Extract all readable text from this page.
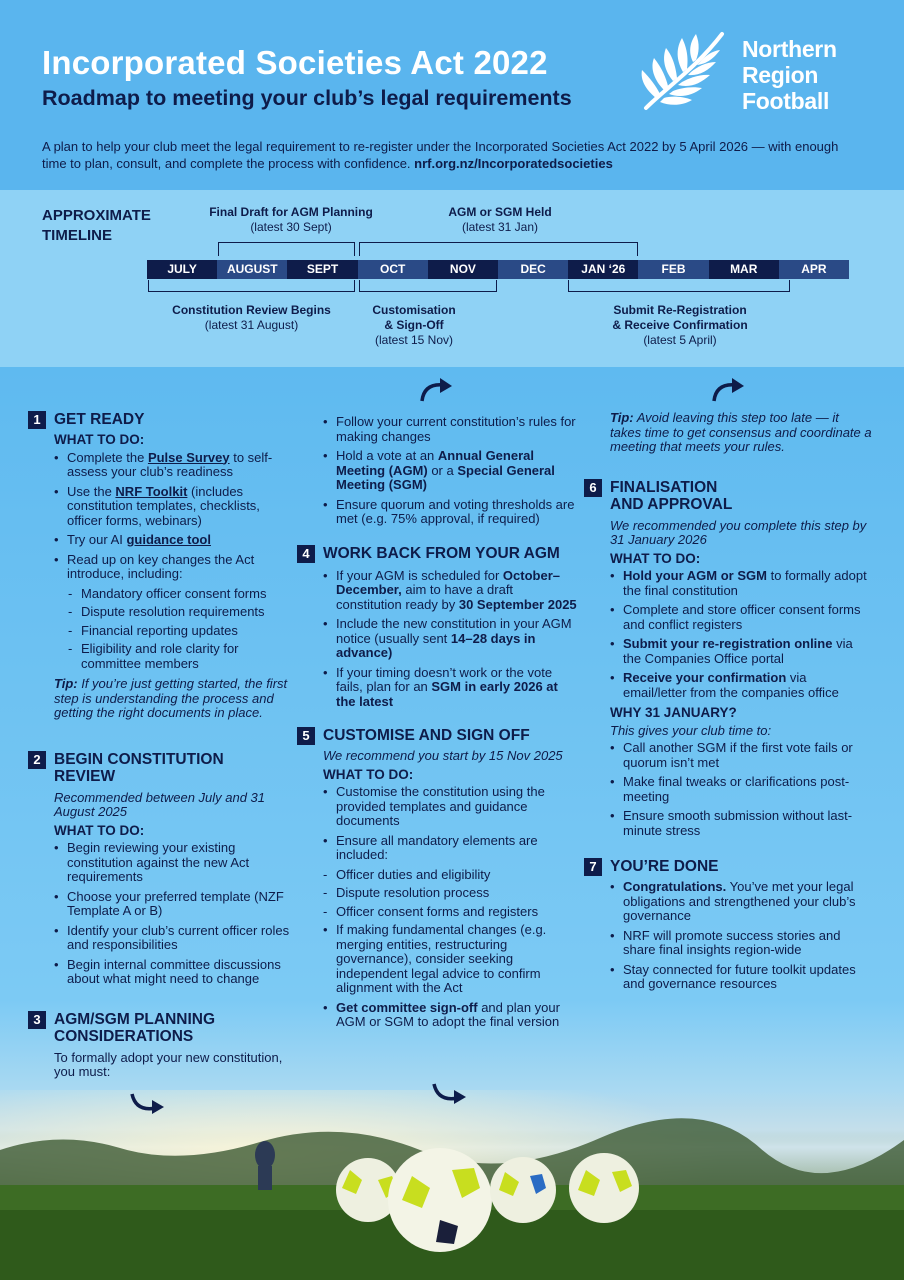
Incorporated Societies Act 2022
Roadmap to meeting your club’s legal requirements
Northern
Region
Football
A plan to help your club meet the legal requirement to re-register under the Incorporated Societies Act 2022 by 5 April 2026 — with enough time to plan, consult, and complete the process with confidence. nrf.org.nz/Incorporatedsocieties
APPROXIMATE
TIMELINE
Final Draft for AGM Planning
(latest 30 Sept)
AGM or SGM Held
(latest 31 Jan)
JULY	AUGUST	SEPT	OCT	NOV	DEC	JAN ‘26	FEB	MAR	APR
Constitution Review Begins
(latest 31 August)
Customisation
& Sign-Off
(latest 15 Nov)
Submit Re-Registration
& Receive Confirmation
(latest 5 April)
1 GET READY
WHAT TO DO:
• Complete the Pulse Survey to self-assess your club’s readiness
• Use the NRF Toolkit (includes constitution templates, checklists, officer forms, webinars)
• Try our AI guidance tool
• Read up on key changes the Act introduce, including:
- Mandatory officer consent forms
- Dispute resolution requirements
- Financial reporting updates
- Eligibility and role clarity for committee members
Tip: If you’re just getting started, the first step is understanding the process and getting the right documents in place.
2 BEGIN CONSTITUTION
REVIEW
Recommended between July and 31 August 2025
WHAT TO DO:
• Begin reviewing your existing constitution against the new Act requirements
• Choose your preferred template (NZF Template A or B)
• Identify your club’s current officer roles and responsibilities
• Begin internal committee discussions about what might need to change
3 AGM/SGM PLANNING
CONSIDERATIONS
To formally adopt your new constitution, you must:
• Follow your current constitution’s rules for making changes
• Hold a vote at an Annual General Meeting (AGM) or a Special General Meeting (SGM)
• Ensure quorum and voting thresholds are met (e.g. 75% approval, if required)
4 WORK BACK FROM YOUR AGM
• If your AGM is scheduled for October–December, aim to have a draft constitution ready by 30 September 2025
• Include the new constitution in your AGM notice (usually sent 14–28 days in advance)
• If your timing doesn’t work or the vote fails, plan for an SGM in early 2026 at the latest
5 CUSTOMISE AND SIGN OFF
We recommend you start by 15 Nov 2025
WHAT TO DO:
• Customise the constitution using the provided templates and guidance documents
• Ensure all mandatory elements are included:
- Officer duties and eligibility
- Dispute resolution process
- Officer consent forms and registers
• If making fundamental changes (e.g. merging entities, restructuring governance), consider seeking independent legal advice to confirm alignment with the Act
• Get committee sign-off and plan your AGM or SGM to adopt the final version
Tip: Avoid leaving this step too late — it takes time to get consensus and coordinate a meeting that meets your rules.
6 FINALISATION
AND APPROVAL
We recommended you complete this step by 31 January 2026
WHAT TO DO:
• Hold your AGM or SGM to formally adopt the final constitution
• Complete and store officer consent forms and conflict registers
• Submit your re-registration online via the Companies Office portal
• Receive your confirmation via email/letter from the companies office
WHY 31 JANUARY?
This gives your club time to:
• Call another SGM if the first vote fails or quorum isn’t met
• Make final tweaks or clarifications post-meeting
• Ensure smooth submission without last-minute stress
7 YOU’RE DONE
• Congratulations. You’ve met your legal obligations and strengthened your club’s governance
• NRF will promote success stories and share final insights region-wide
• Stay connected for future toolkit updates and governance resources
